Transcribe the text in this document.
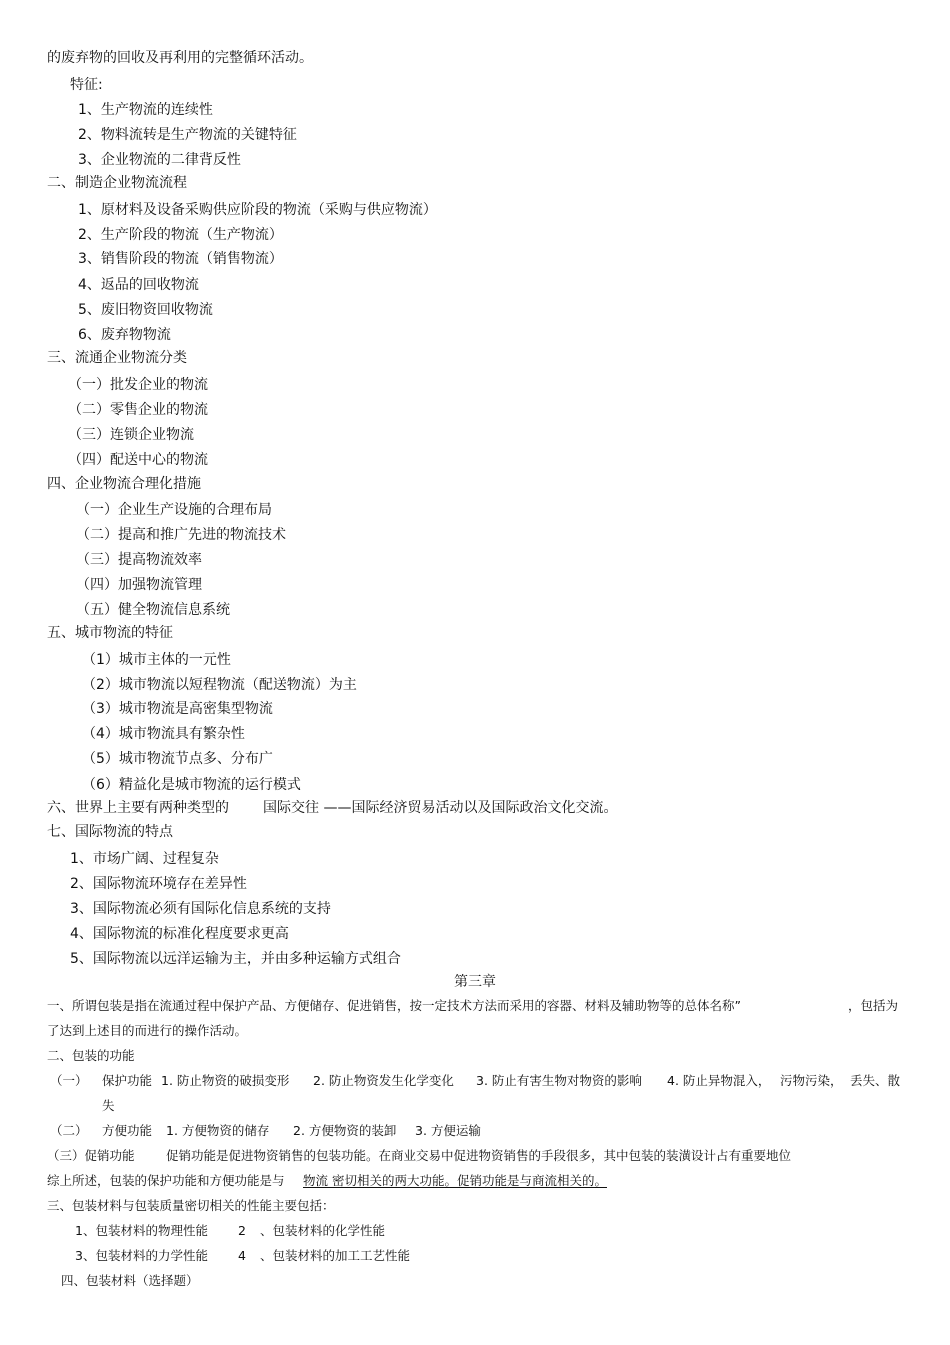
的废弃物的回收及再利用的完整循环活动。
特征:
1、生产物流的连续性
2、物料流转是生产物流的关键特征
3、企业物流的二律背反性
二、制造企业物流流程
1、原材料及设备采购供应阶段的物流（采购与供应物流）
2、生产阶段的物流（生产物流）
3、销售阶段的物流（销售物流）
4、返品的回收物流
5、废旧物资回收物流
6、废弃物物流
三、流通企业物流分类
（一）批发企业的物流
（二）零售企业的物流
（三）连锁企业物流
（四）配送中心的物流
四、企业物流合理化措施
（一）企业生产设施的合理布局
（二）提高和推广先进的物流技术
（三）提高物流效率
（四）加强物流管理
（五）健全物流信息系统
五、城市物流的特征
（1）城市主体的一元性
（2）城市物流以短程物流（配送物流）为主
（3）城市物流是高密集型物流
（4）城市物流具有繁杂性
（5）城市物流节点多、分布广
（6）精益化是城市物流的运行模式
六、世界上主要有两种类型的 国际交往 ——国际经济贸易活动以及国际政治文化交流。
七、国际物流的特点
1、市场广阔、过程复杂
2、国际物流环境存在差异性
3、国际物流必须有国际化信息系统的支持
4、国际物流的标准化程度要求更高
5、国际物流以远洋运输为主，并由多种运输方式组合
第三章
一、所谓包装是指在流通过程中保护产品、方便储存、促进销售，按一定技术方法而采用的容器、材料及辅助物等的总体名称”	，包括为
了达到上述目的而进行的操作活动。
二、包装的功能
（一） 保护功能 1. 防止物资的破损变形 2. 防止物资发生化学变化 3. 防止有害生物对物资的影响 4. 防止异物混入， 污物污染， 丢失、散
失
（二） 方便功能 1. 方便物资的储存 2. 方便物资的装卸 3. 方便运输
（三）促销功能	促销功能是促进物资销售的包装功能。在商业交易中促进物资销售的手段很多，其中包装的装潢设计占有重要地位
综上所述，包装的保护功能和方便功能是与 物流 密切相关的两大功能。促销功能是与商流相关的。
三、包装材料与包装质量密切相关的性能主要包括：
1、包装材料的物理性能 2 、包装材料的化学性能
3、包装材料的力学性能 4 、包装材料的加工工艺性能
四、包装材料（选择题）
